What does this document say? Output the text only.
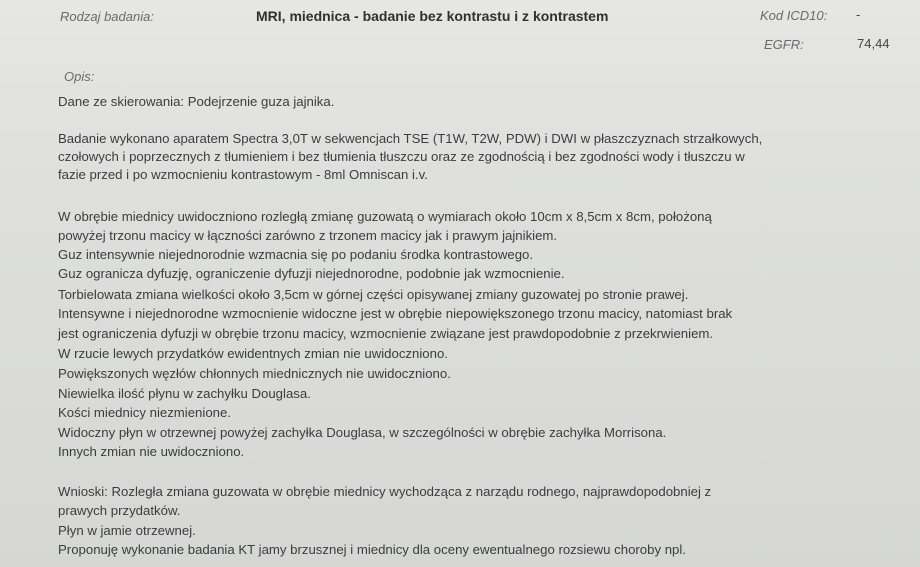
Rodzaj badania:	MRI, miednica - badanie bez kontrastu i z kontrastem	Kod ICD10: -
EGFR:	74,44
Opis:
Dane ze skierowania: Podejrzenie guza jajnika.
Badanie wykonano aparatem Spectra 3,0T w sekwencjach TSE (T1W, T2W, PDW) i DWI w płaszczyznach strzałkowych,
czołowych i poprzecznych z tłumieniem i bez tłumienia tłuszczu oraz ze zgodnością i bez zgodności wody i tłuszczu w
fazie przed i po wzmocnieniu kontrastowym - 8ml Omniscan i.v.
W obrębie miednicy uwidoczniono rozległą zmianę guzowatą o wymiarach około 10cm x 8,5cm x 8cm, położoną
powyżej trzonu macicy w łączności zarówno z trzonem macicy jak i prawym jajnikiem.
Guz intensywnie niejednorodnie wzmacnia się po podaniu środka kontrastowego.
Guz ogranicza dyfuzję, ograniczenie dyfuzji niejednorodne, podobnie jak wzmocnienie.
Torbielowata zmiana wielkości około 3,5cm w górnej części opisywanej zmiany guzowatej po stronie prawej.
Intensywne i niejednorodne wzmocnienie widoczne jest w obrębie niepowiększonego trzonu macicy, natomiast brak
jest ograniczenia dyfuzji w obrębie trzonu macicy, wzmocnienie związane jest prawdopodobnie z przekrwieniem.
W rzucie lewych przydatków ewidentnych zmian nie uwidoczniono.
Powiększonych węzłów chłonnych miednicznych nie uwidoczniono.
Niewielka ilość płynu w zachyłku Douglasa.
Kości miednicy niezmienione.
Widoczny płyn w otrzewnej powyżej zachyłka Douglasa, w szczególności w obrębie zachyłka Morrisona.
Innych zmian nie uwidoczniono.
Wnioski: Rozległa zmiana guzowata w obrębie miednicy wychodząca z narządu rodnego, najprawdopodobniej z
prawych przydatków.
Płyn w jamie otrzewnej.
Proponuję wykonanie badania KT jamy brzusznej i miednicy dla oceny ewentualnego rozsiewu choroby npl.
